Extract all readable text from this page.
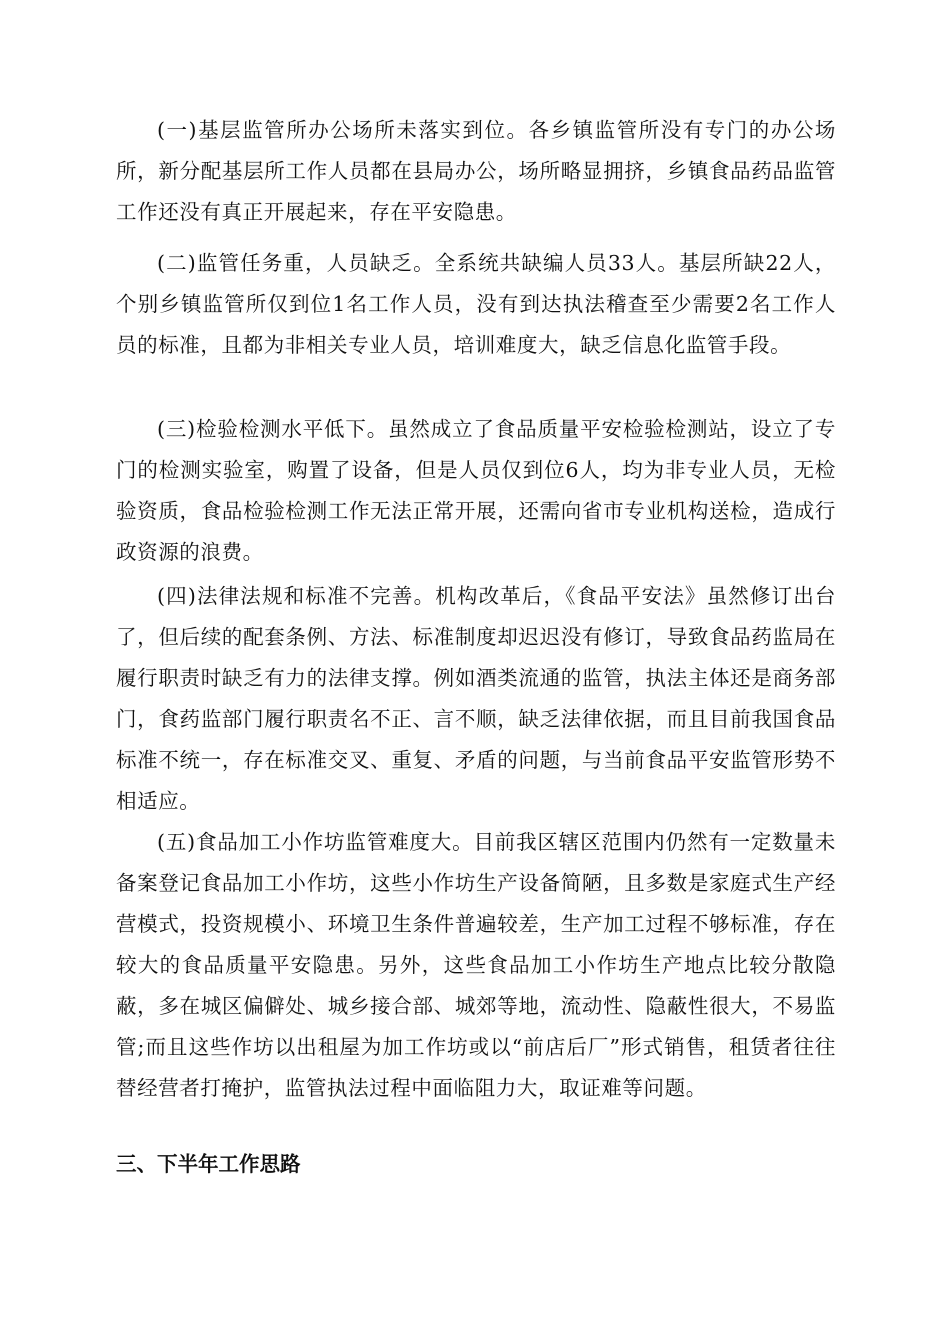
(一)基层监管所办公场所未落实到位。各乡镇监管所没有专门的办公场所，新分配基层所工作人员都在县局办公，场所略显拥挤，乡镇食品药品监管工作还没有真正开展起来，存在平安隐患。

(二)监管任务重，人员缺乏。全系统共缺编人员33人。基层所缺22人，个别乡镇监管所仅到位1名工作人员，没有到达执法稽查至少需要2名工作人员的标准，且都为非相关专业人员，培训难度大，缺乏信息化监管手段。

(三)检验检测水平低下。虽然成立了食品质量平安检验检测站，设立了专门的检测实验室，购置了设备，但是人员仅到位6人，均为非专业人员，无检验资质，食品检验检测工作无法正常开展，还需向省市专业机构送检，造成行政资源的浪费。

(四)法律法规和标准不完善。机构改革后，《食品平安法》虽然修订出台了，但后续的配套条例、方法、标准制度却迟迟没有修订，导致食品药监局在履行职责时缺乏有力的法律支撑。例如酒类流通的监管，执法主体还是商务部门，食药监部门履行职责名不正、言不顺，缺乏法律依据，而且目前我国食品标准不统一，存在标准交叉、重复、矛盾的问题，与当前食品平安监管形势不相适应。

(五)食品加工小作坊监管难度大。目前我区辖区范围内仍然有一定数量未备案登记食品加工小作坊，这些小作坊生产设备简陋，且多数是家庭式生产经营模式，投资规模小、环境卫生条件普遍较差，生产加工过程不够标准，存在较大的食品质量平安隐患。另外，这些食品加工小作坊生产地点比较分散隐蔽，多在城区偏僻处、城乡接合部、城郊等地，流动性、隐蔽性很大，不易监管;而且这些作坊以出租屋为加工作坊或以“前店后厂”形式销售，租赁者往往替经营者打掩护，监管执法过程中面临阻力大，取证难等问题。

三、下半年工作思路
